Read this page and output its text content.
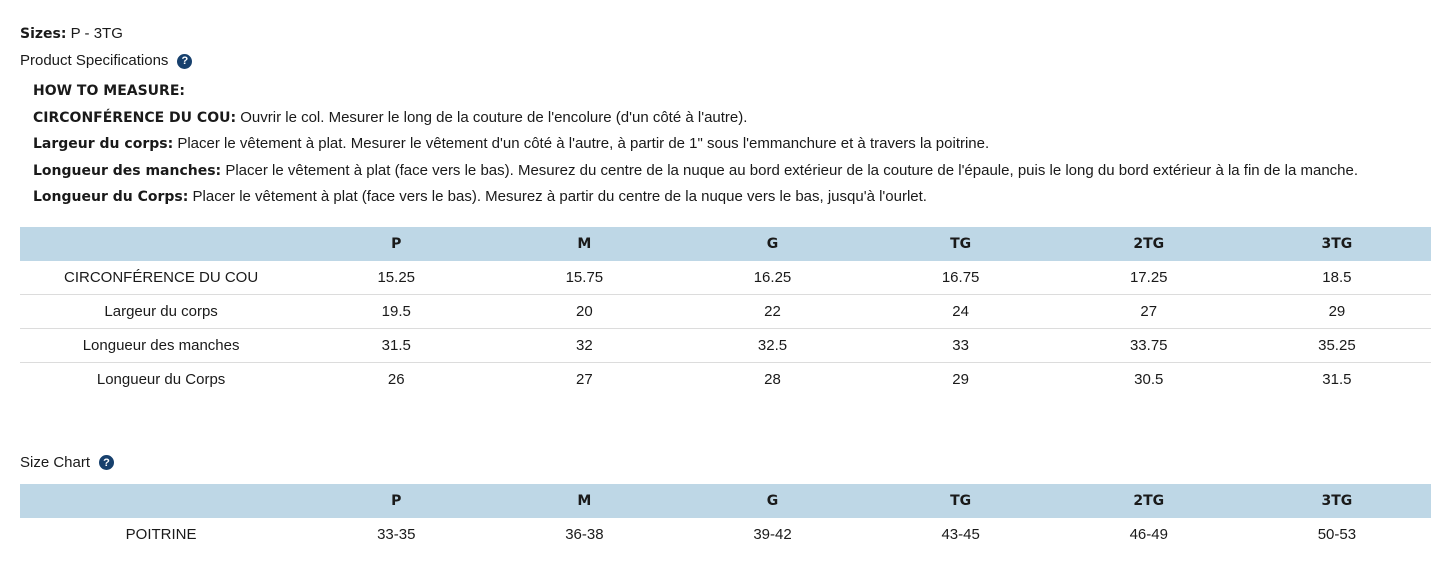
Sizes: P - 3TG
Product Specifications	?
HOW TO MEASURE:
CIRCONFÉRENCE DU COU: Ouvrir le col. Mesurer le long de la couture de l'encolure (d'un côté à l'autre).
Largeur du corps: Placer le vêtement à plat. Mesurer le vêtement d'un côté à l'autre, à partir de 1" sous l'emmanchure et à travers la poitrine.
Longueur des manches: Placer le vêtement à plat (face vers le bas). Mesurez du centre de la nuque au bord extérieur de la couture de l'épaule, puis le long du bord extérieur à la fin de la manche.
Longueur du Corps: Placer le vêtement à plat (face vers le bas). Mesurez à partir du centre de la nuque vers le bas, jusqu'à l'ourlet.
	P	M	G	TG	2TG	3TG
CIRCONFÉRENCE DU COU	15.25	15.75	16.25	16.75	17.25	18.5
Largeur du corps	19.5	20	22	24	27	29
Longueur des manches	31.5	32	32.5	33	33.75	35.25
Longueur du Corps	26	27	28	29	30.5	31.5
Size Chart	?
	P	M	G	TG	2TG	3TG
POITRINE	33-35	36-38	39-42	43-45	46-49	50-53
